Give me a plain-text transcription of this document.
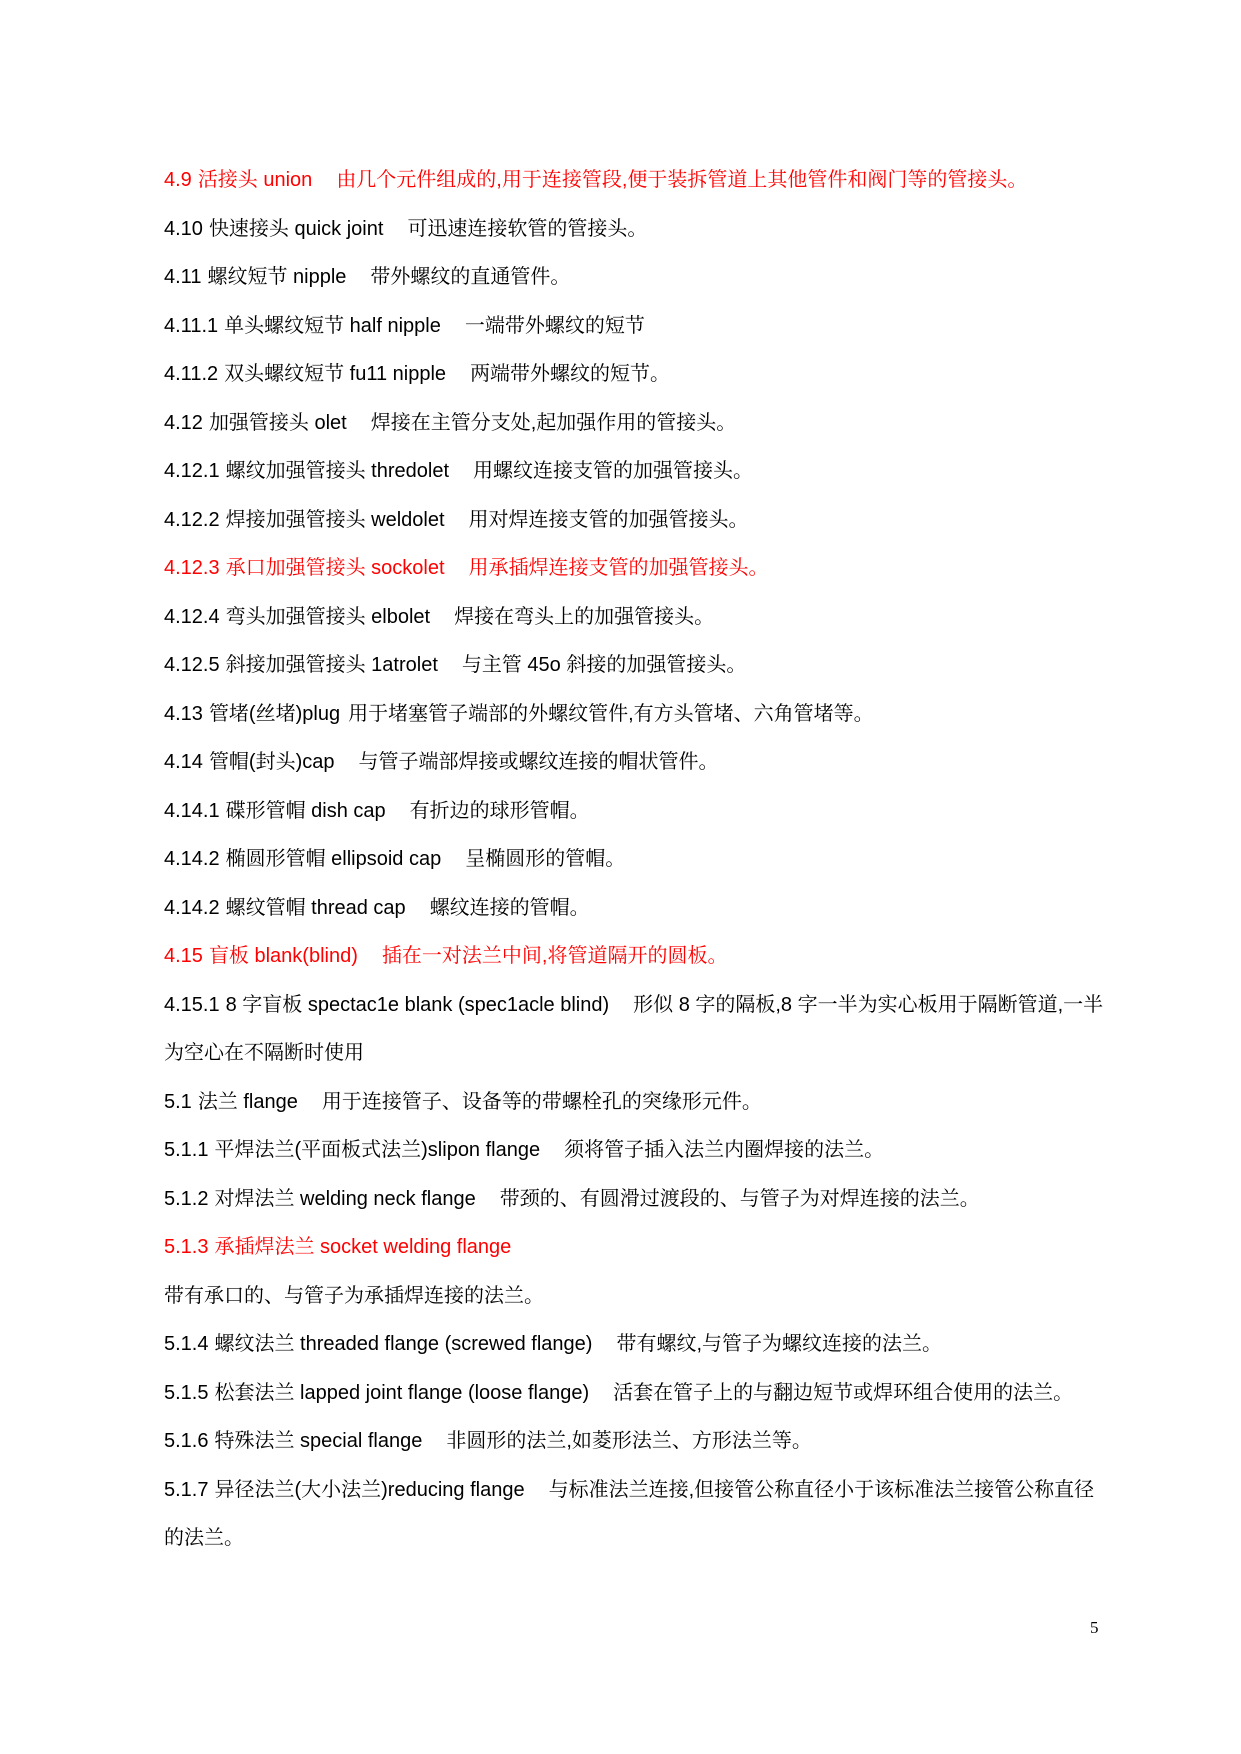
4.9 活接头 union 由几个元件组成的,用于连接管段,便于装拆管道上其他管件和阀门等的管接头。

4.10 快速接头 quick joint 可迅速连接软管的管接头。

4.11 螺纹短节 nipple 带外螺纹的直通管件。

4.11.1 单头螺纹短节 half nipple 一端带外螺纹的短节

4.11.2 双头螺纹短节 fu11 nipple 两端带外螺纹的短节。

4.12 加强管接头 olet 焊接在主管分支处,起加强作用的管接头。

4.12.1 螺纹加强管接头 thredolet 用螺纹连接支管的加强管接头。

4.12.2 焊接加强管接头 weldolet 用对焊连接支管的加强管接头。

4.12.3 承口加强管接头 sockolet 用承插焊连接支管的加强管接头。

4.12.4 弯头加强管接头 elbolet 焊接在弯头上的加强管接头。

4.12.5 斜接加强管接头 1atrolet 与主管 45o 斜接的加强管接头。

4.13 管堵(丝堵)plug 用于堵塞管子端部的外螺纹管件,有方头管堵、六角管堵等。

4.14 管帽(封头)cap 与管子端部焊接或螺纹连接的帽状管件。

4.14.1 碟形管帽 dish cap 有折边的球形管帽。

4.14.2 椭圆形管帽 ellipsoid cap 呈椭圆形的管帽。

4.14.2 螺纹管帽 thread cap 螺纹连接的管帽。

4.15 盲板 blank(blind) 插在一对法兰中间,将管道隔开的圆板。

4.15.1 8 字盲板 spectac1e blank (spec1acle blind) 形似 8 字的隔板,8 字一半为实心板用于隔断管道,一半为空心在不隔断时使用

5.1 法兰 flange 用于连接管子、设备等的带螺栓孔的突缘形元件。

5.1.1 平焊法兰(平面板式法兰)slipon flange 须将管子插入法兰内圈焊接的法兰。

5.1.2 对焊法兰 welding neck flange 带颈的、有圆滑过渡段的、与管子为对焊连接的法兰。

5.1.3 承插焊法兰 socket welding flange

带有承口的、与管子为承插焊连接的法兰。

5.1.4 螺纹法兰 threaded flange (screwed flange) 带有螺纹,与管子为螺纹连接的法兰。

5.1.5 松套法兰 lapped joint flange (loose flange) 活套在管子上的与翻边短节或焊环组合使用的法兰。

5.1.6 特殊法兰 special flange 非圆形的法兰,如菱形法兰、方形法兰等。

5.1.7 异径法兰(大小法兰)reducing flange 与标准法兰连接,但接管公称直径小于该标准法兰接管公称直径的法兰。

5
